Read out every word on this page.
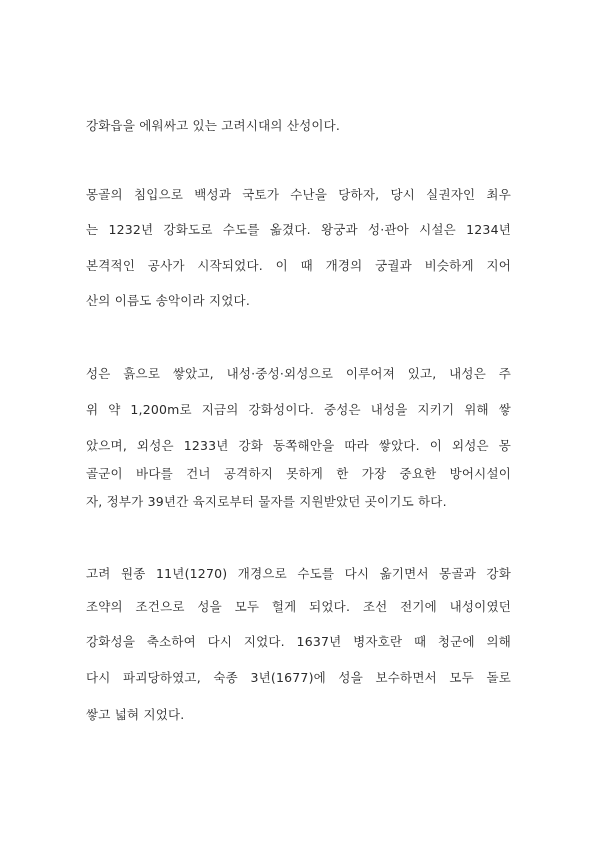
강화읍을 에워싸고 있는 고려시대의 산성이다.
몽골의 침입으로 백성과 국토가 수난을 당하자, 당시 실권자인 최우
는 1232년 강화도로 수도를 옮겼다. 왕궁과 성·관아 시설은 1234년
본격적인 공사가 시작되었다. 이 때 개경의 궁궐과 비슷하게 지어
산의 이름도 송악이라 지었다.
성은 흙으로 쌓았고, 내성·중성·외성으로 이루어져 있고, 내성은 주
위 약 1,200m로 지금의 강화성이다. 중성은 내성을 지키기 위해 쌓
았으며, 외성은 1233년 강화 동쪽해안을 따라 쌓았다. 이 외성은 몽
골군이 바다를 건너 공격하지 못하게 한 가장 중요한 방어시설이
자, 정부가 39년간 육지로부터 물자를 지원받았던 곳이기도 하다.
고려 원종 11년(1270) 개경으로 수도를 다시 옮기면서 몽골과 강화
조약의 조건으로 성을 모두 헐게 되었다. 조선 전기에 내성이였던
강화성을 축소하여 다시 지었다. 1637년 병자호란 때 청군에 의해
다시 파괴당하였고, 숙종 3년(1677)에 성을 보수하면서 모두 돌로
쌓고 넓혀 지었다.
